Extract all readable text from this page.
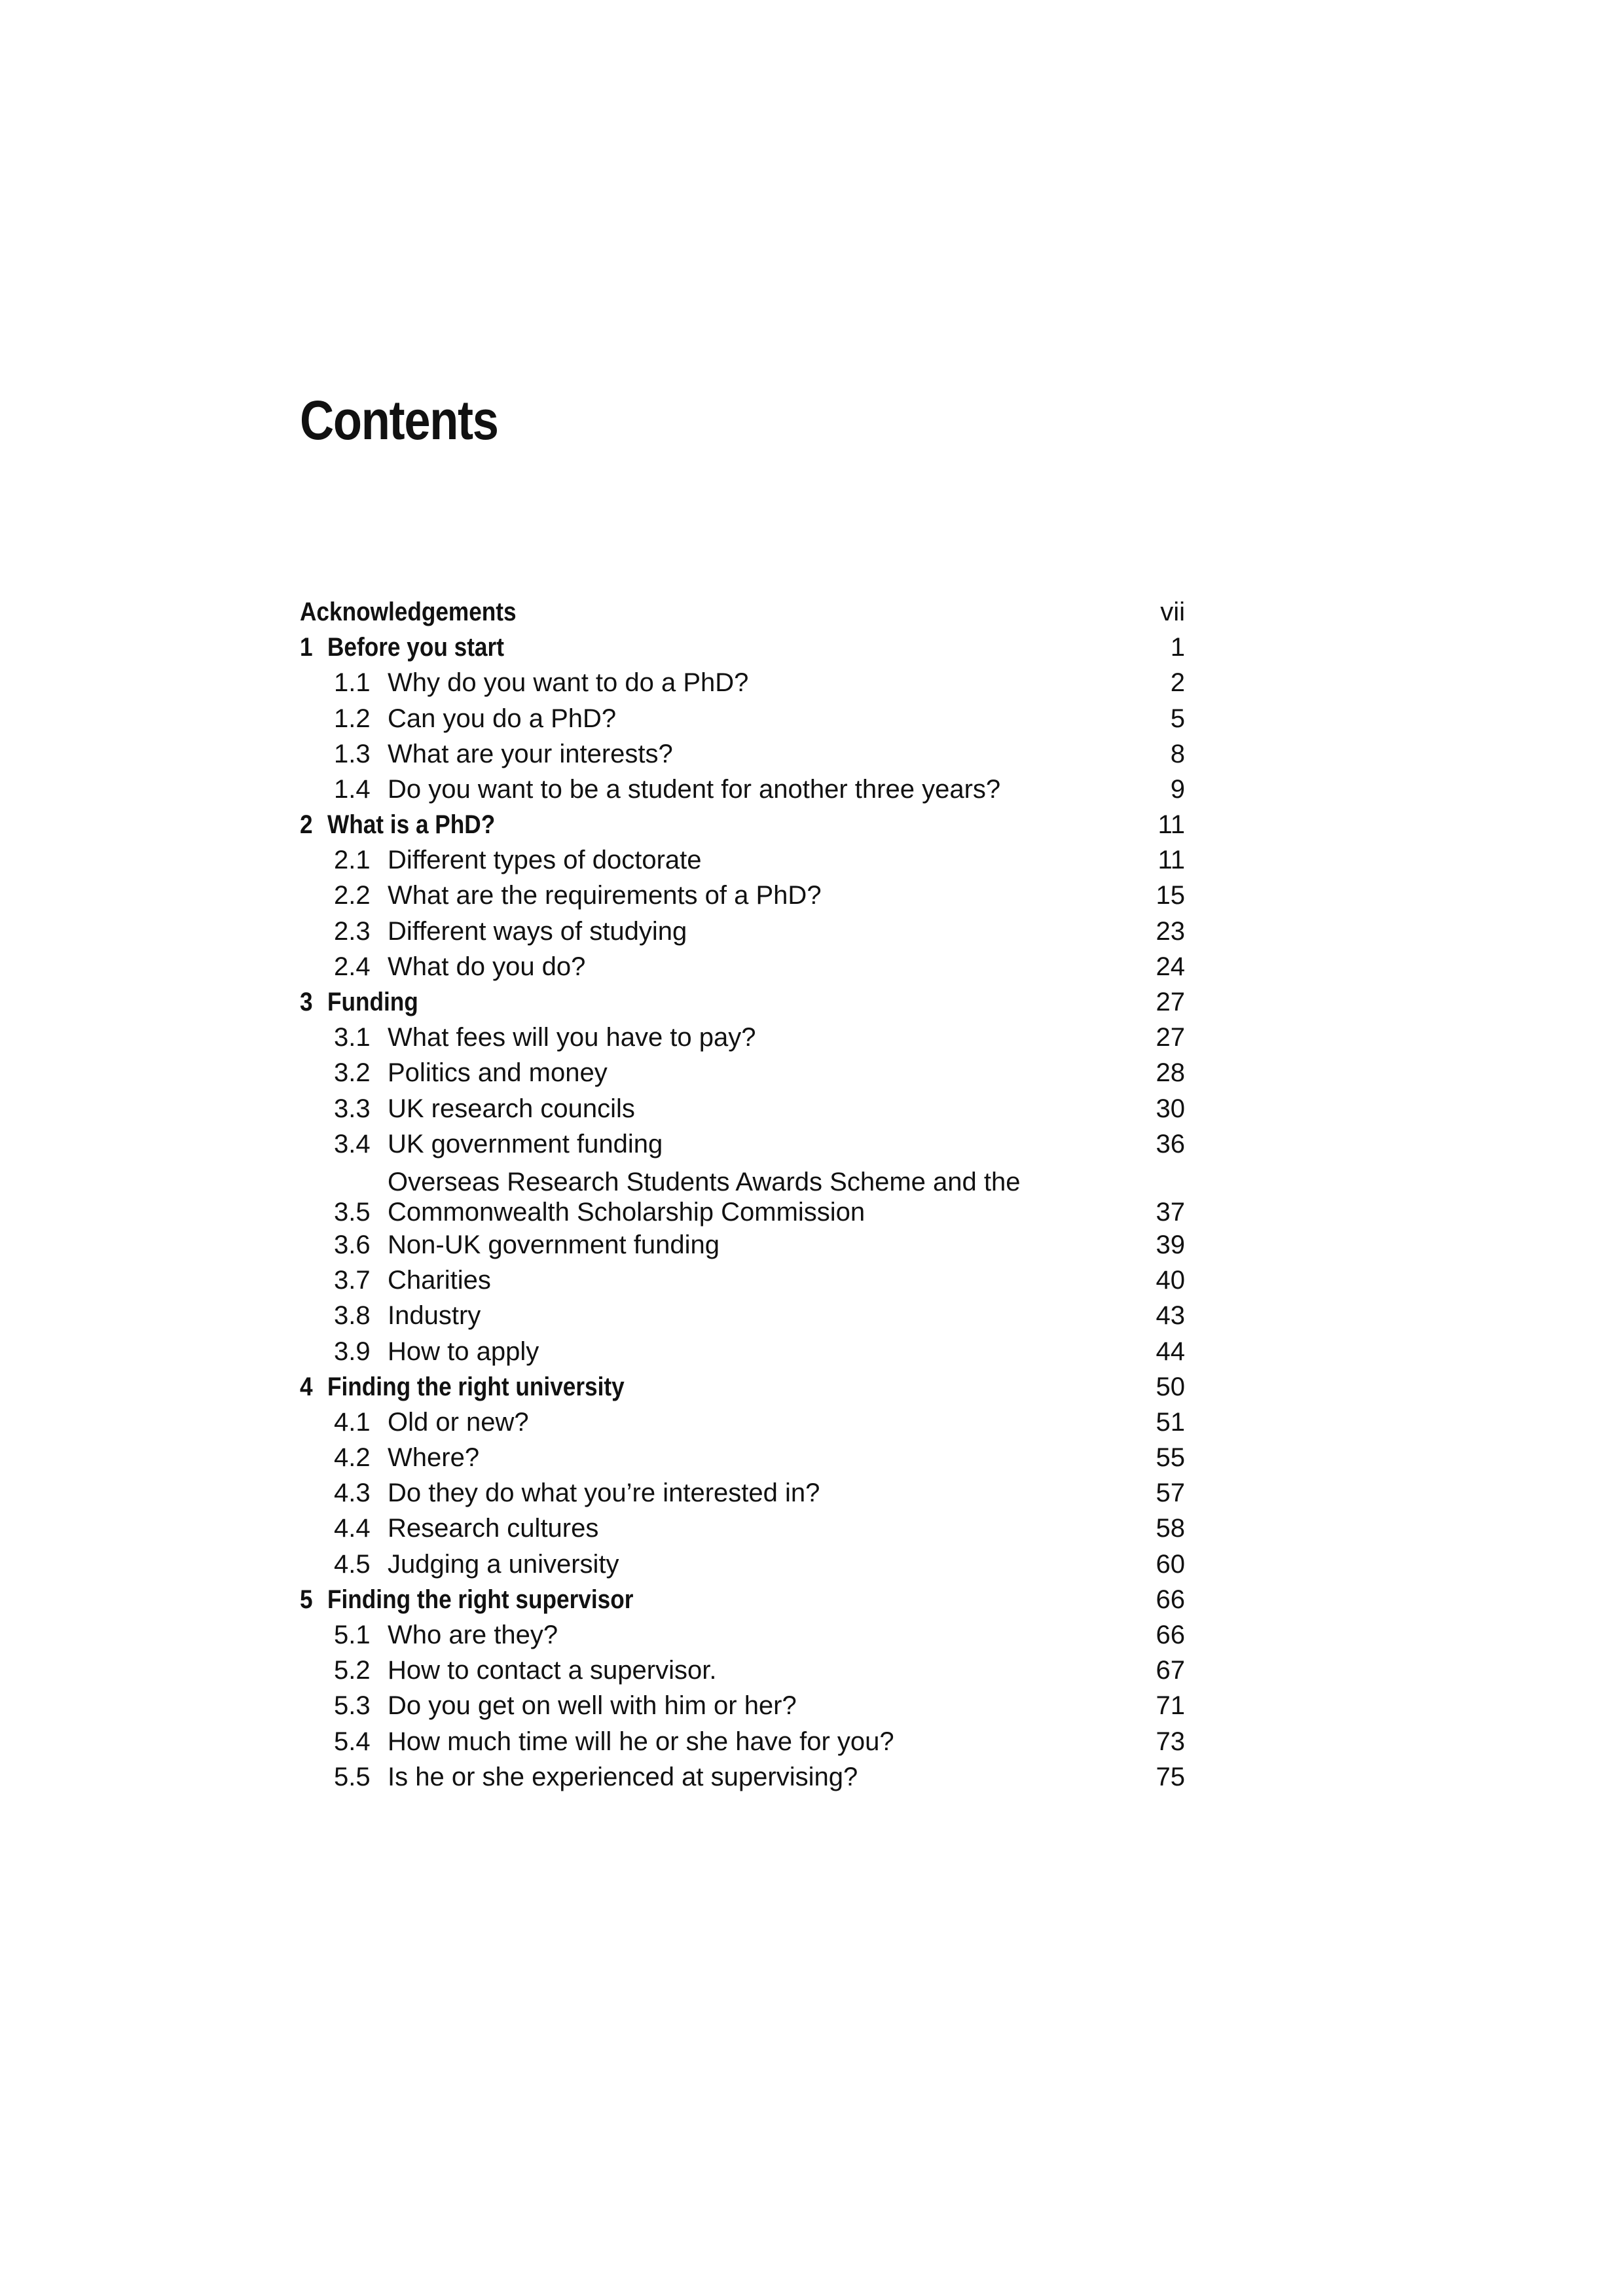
Contents
Acknowledgements	vii
1 Before you start	1
1.1 Why do you want to do a PhD?	2
1.2 Can you do a PhD?	5
1.3 What are your interests?	8
1.4 Do you want to be a student for another three years?	9
2 What is a PhD?	11
2.1 Different types of doctorate	11
2.2 What are the requirements of a PhD?	15
2.3 Different ways of studying	23
2.4 What do you do?	24
3 Funding	27
3.1 What fees will you have to pay?	27
3.2 Politics and money	28
3.3 UK research councils	30
3.4 UK government funding	36
3.5
Overseas Research Students Awards Scheme and the
Commonwealth Scholarship Commission	37
3.6 Non-UK government funding	39
3.7 Charities	40
3.8 Industry	43
3.9 How to apply	44
4 Finding the right university	50
4.1 Old or new?	51
4.2 Where?	55
4.3 Do they do what you’re interested in?	57
4.4 Research cultures	58
4.5 Judging a university	60
5 Finding the right supervisor	66
5.1 Who are they?	66
5.2 How to contact a supervisor.	67
5.3 Do you get on well with him or her?	71
5.4 How much time will he or she have for you?	73
5.5 Is he or she experienced at supervising?	75
